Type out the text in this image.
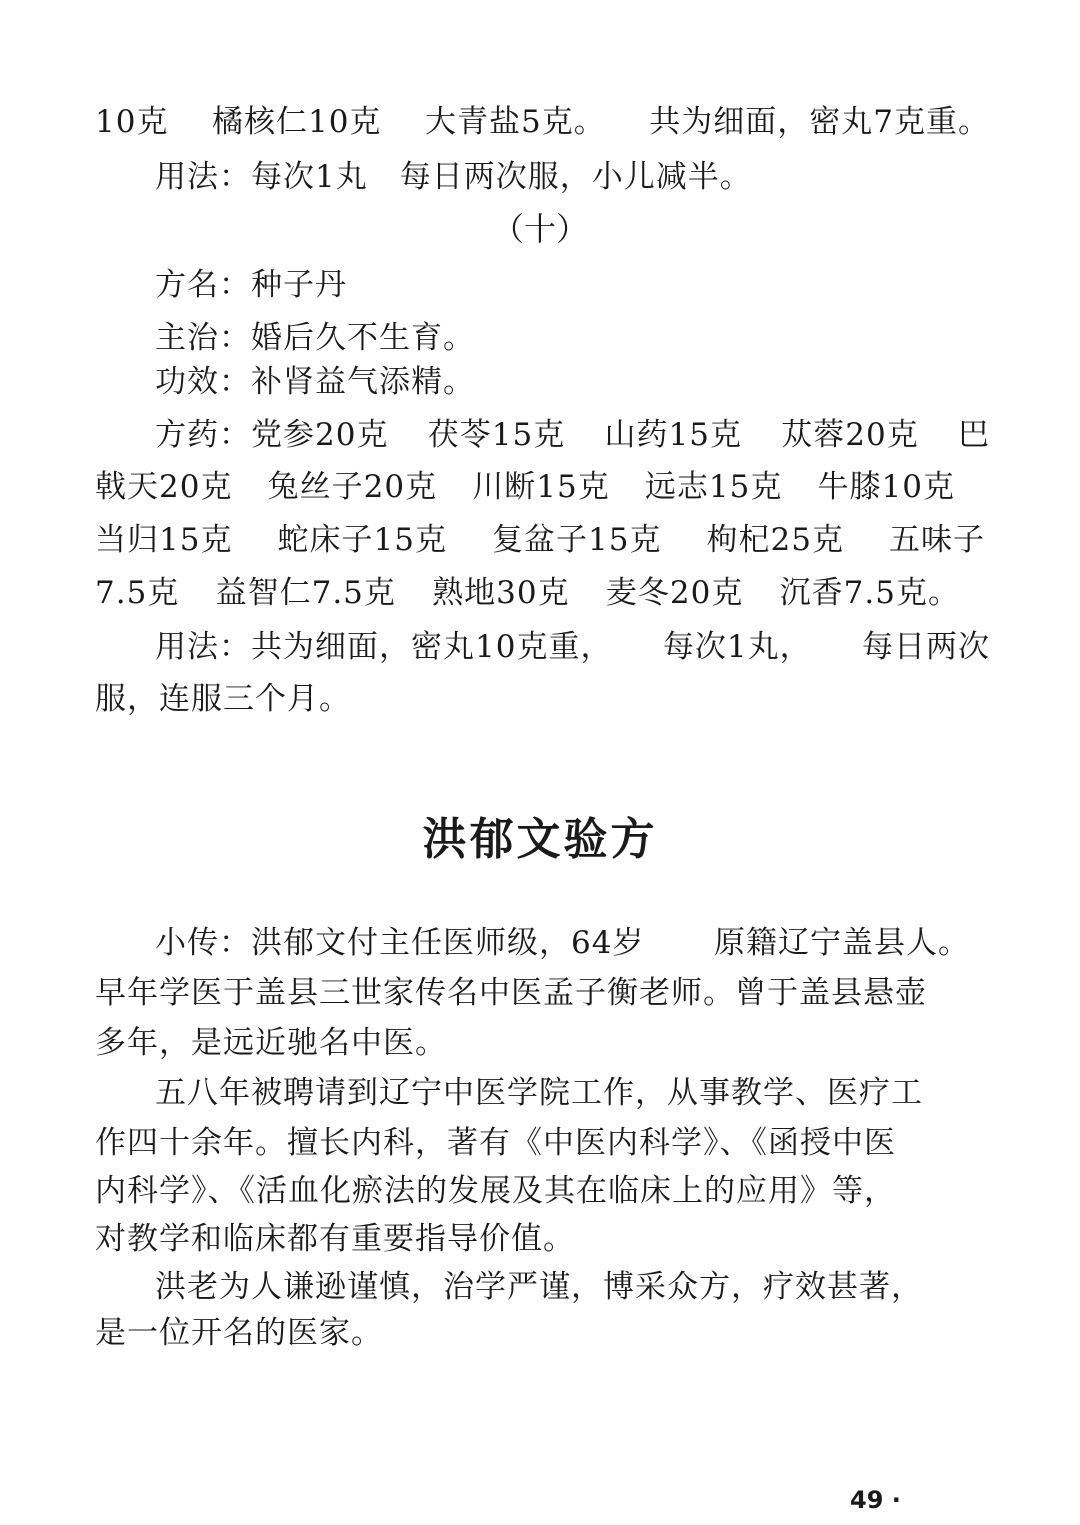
10克 橘核仁10克 大青盐5克。 共为细面，密丸7克重。
用法：每次1丸　每日两次服，小儿减半。
（十）
方名：种子丹
主治：婚后久不生育。
功效：补肾益气添精。
方药：党参20克 茯苓15克 山药15克 苁蓉20克 巴
戟天20克 兔丝子20克 川断15克 远志15克 牛膝10克
当归15克 蛇床子15克 复盆子15克 枸杞25克 五味子
7.5克 益智仁7.5克 熟地30克 麦冬20克 沉香7.5克。
用法：共为细面，密丸10克重， 每次1丸， 每日两次
服，连服三个月。
洪郁文验方
小传：洪郁文付主任医师级，64岁 原籍辽宁盖县人。
早年学医于盖县三世家传名中医孟子衡老师。曾于盖县悬壶
多年，是远近驰名中医。
五八年被聘请到辽宁中医学院工作，从事教学、医疗工
作四十余年。擅长内科，著有《中医内科学》、《函授中医
内科学》、《活血化瘀法的发展及其在临床上的应用》等，
对教学和临床都有重要指导价值。
洪老为人谦逊谨慎，治学严谨，博采众方，疗效甚著，
是一位开名的医家。
49 ·
